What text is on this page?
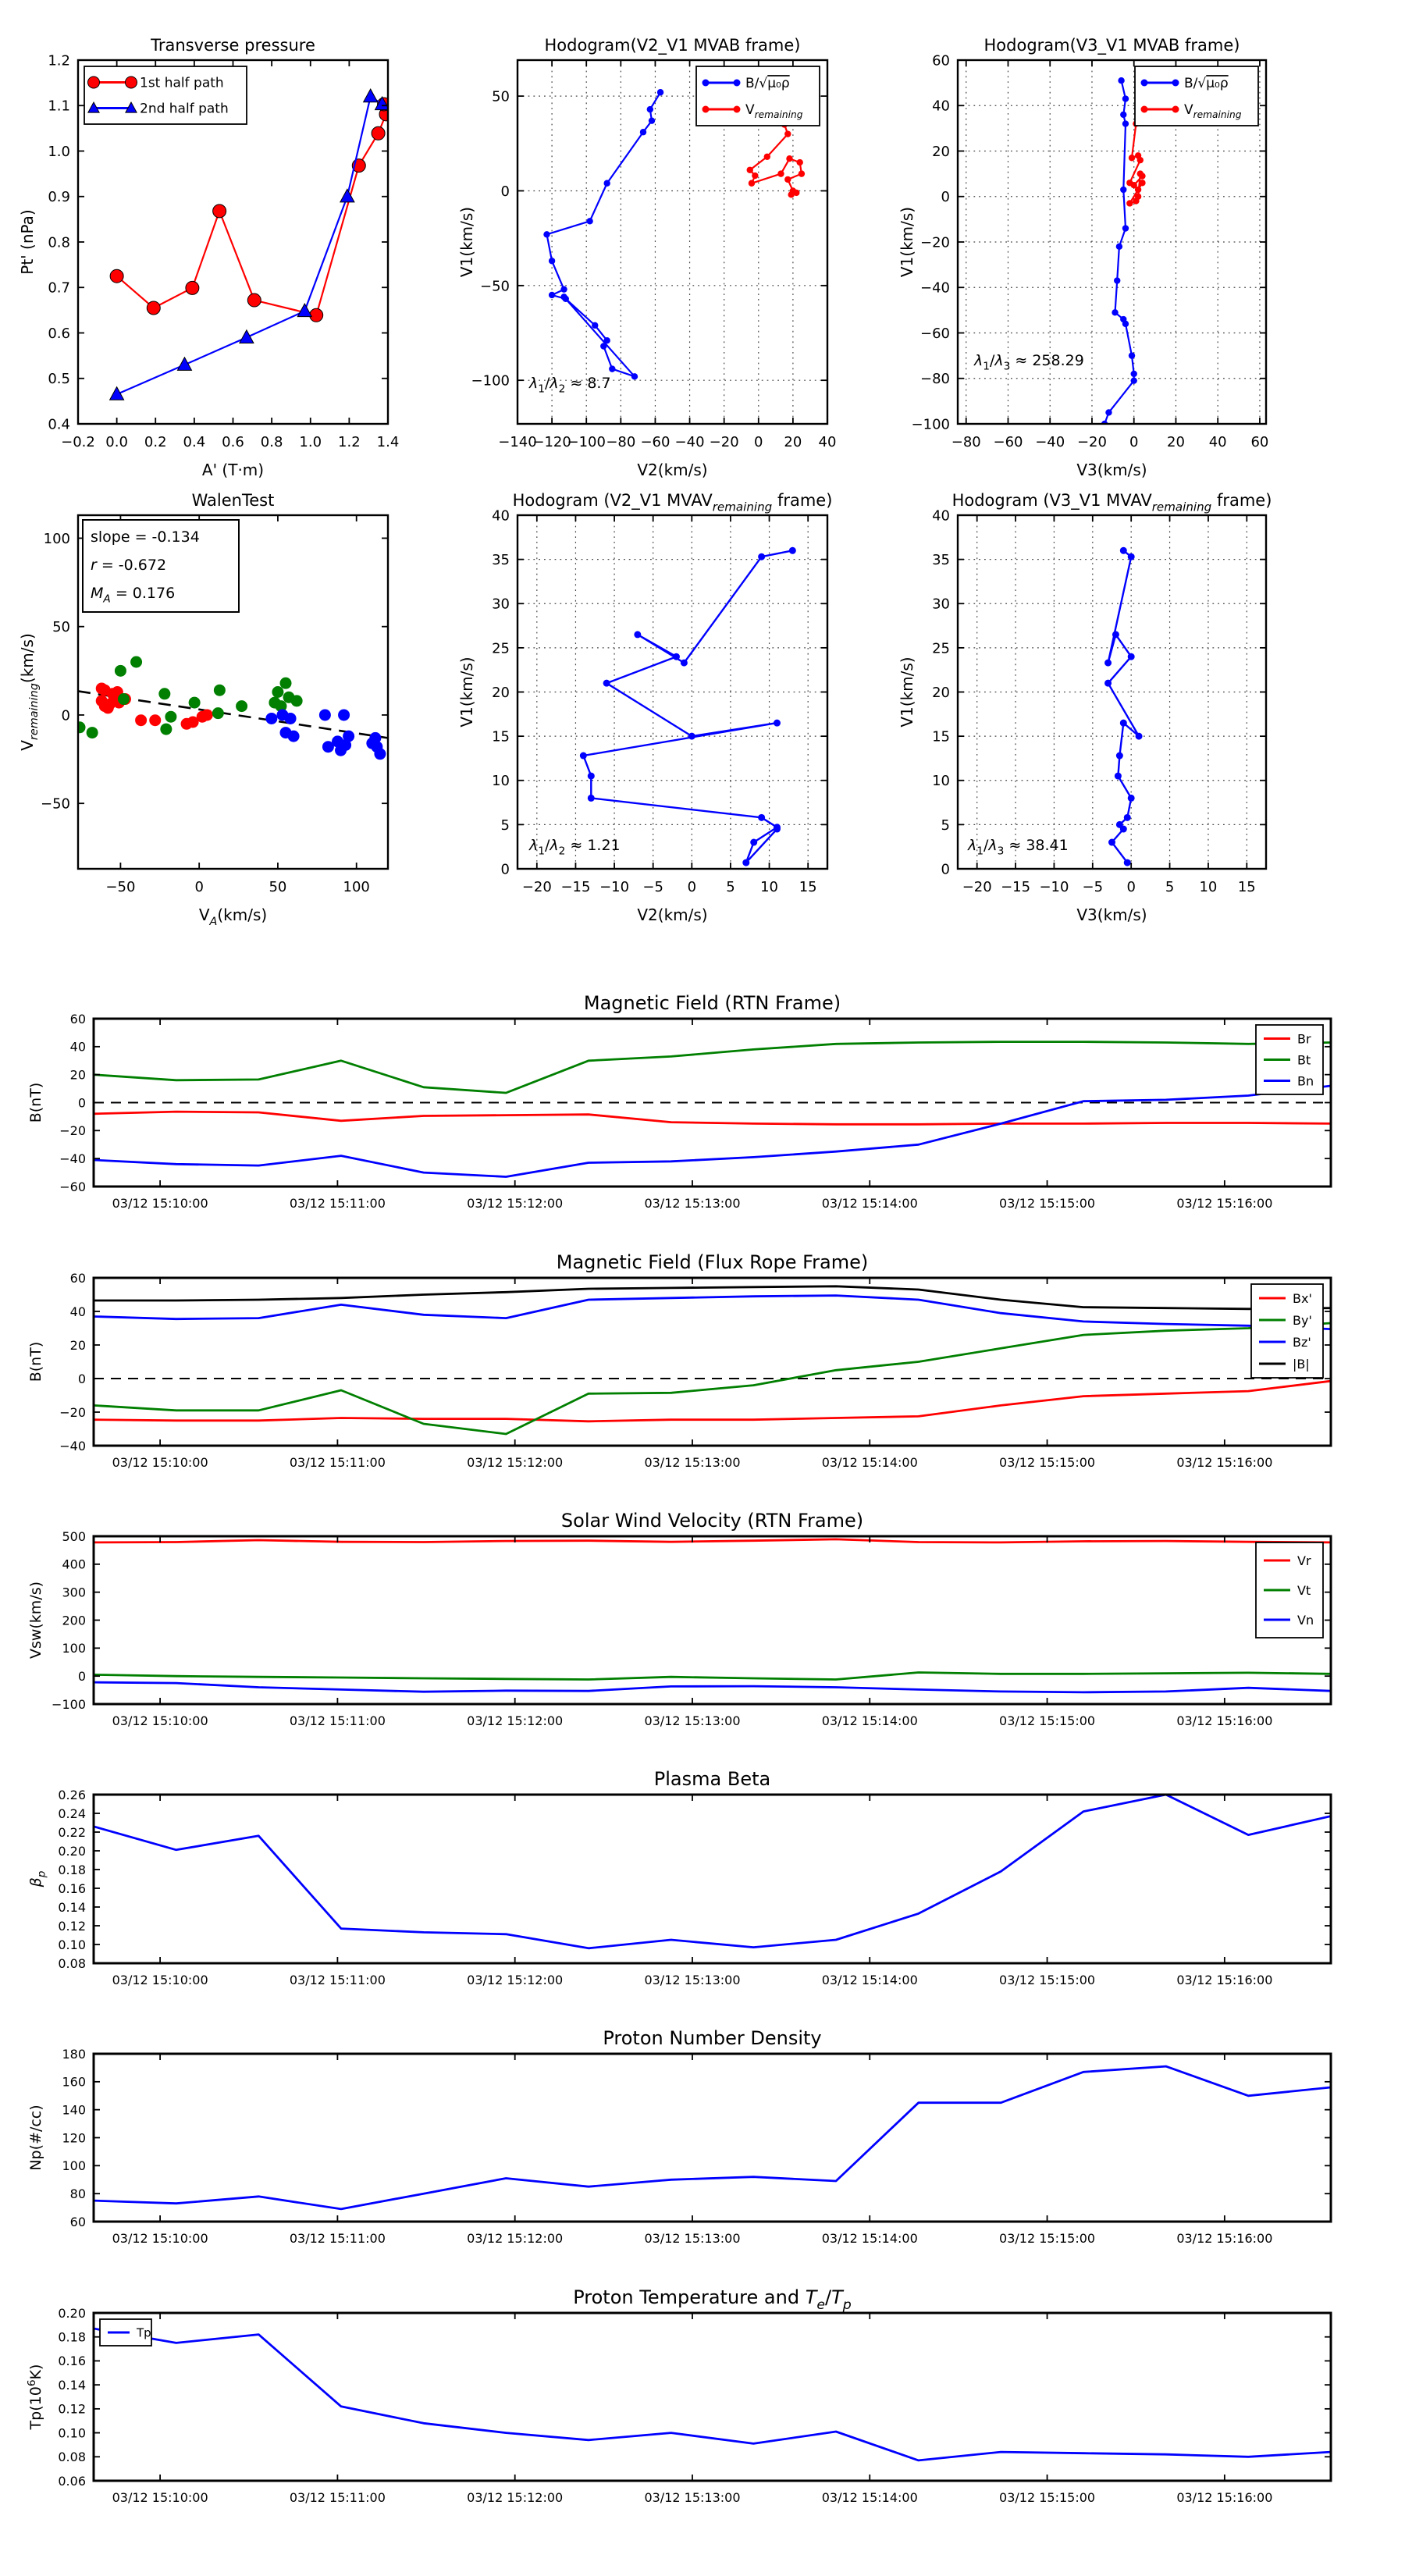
−0.2 0.0 0.2 0.4 0.6 0.8 1.0 1.2 1.4
0.4
0.5
0.6
0.7
0.8
0.9
1.0
1.1
1.2
Transverse pressure
A' (T·m)
Pt' (nPa)
1st half path
2nd half path
−140
−120
−100 −80 −60 −40 −20 0 20 40
−100
−50
0
50
Hodogram(V2_V1 MVAB frame)
V2(km/s)
V1(km/s)
B/√μ₀ρ
$V_{remaining}$
$\lambda_1/\lambda_2 \approx 8.7$
−80 −60 −40 −20 0 20 40 60
−100
−80
−60
−40
−20
0
20
40
60
Hodogram(V3_V1 MVAB frame)
V3(km/s)
V1(km/s)
B/√μ₀ρ
$V_{remaining}$
$\lambda_1/\lambda_3 \approx 258.29$
−50	0	50	100
−50
0
50
100
WalenTest
$V_A(km/s)$
$V_{remaining}(km/s)$
slope = -0.134
r = -0.672
$M_A = 0.176$
−20 −15 −10 −5 0 5 10 15
0
5
10
15
20
25
30
35
40
Hodogram (V2_V1 $MVAV_{remaining}$ frame)
V2(km/s)
V1(km/s)
$\lambda_1/\lambda_2 \approx 1.21$
−20 −15 −10 −5 0 5 10 15
0
5
10
15
20
25
30
35
40
Hodogram (V3_V1 $MVAV_{remaining}$ frame)
V3(km/s)
V1(km/s)
$\lambda_1/\lambda_3 \approx 38.41$
03/12 15:10:00	03/12 15:11:00	03/12 15:12:00	03/12 15:13:00	03/12 15:14:00	03/12 15:15:00	03/12 15:16:00
−60
−40
−20
0
20
40
60
Magnetic Field (RTN Frame)
B(nT)
Br
Bt
Bn
03/12 15:10:00	03/12 15:11:00	03/12 15:12:00	03/12 15:13:00	03/12 15:14:00	03/12 15:15:00	03/12 15:16:00
−40
−20
0
20
40
60
Magnetic Field (Flux Rope Frame)
B(nT)
Bx'
By'
Bz'
|B|
03/12 15:10:00	03/12 15:11:00	03/12 15:12:00	03/12 15:13:00	03/12 15:14:00	03/12 15:15:00	03/12 15:16:00
−100
0
100
200
300
400
500
Solar Wind Velocity (RTN Frame)
Vsw(km/s)
Vr
Vt
Vn
03/12 15:10:00	03/12 15:11:00	03/12 15:12:00	03/12 15:13:00	03/12 15:14:00	03/12 15:15:00	03/12 15:16:00
0.08
0.10
0.12
0.14
0.16
0.18
0.20
0.22
0.24
0.26
Plasma Beta
$\beta_p$
03/12 15:10:00	03/12 15:11:00	03/12 15:12:00	03/12 15:13:00	03/12 15:14:00	03/12 15:15:00	03/12 15:16:00
60
80
100
120
140
160
180
Proton Number Density
Np(#/cc)
03/12 15:10:00	03/12 15:11:00	03/12 15:12:00	03/12 15:13:00	03/12 15:14:00	03/12 15:15:00	03/12 15:16:00
0.06
0.08
0.10
0.12
0.14
0.16
0.18
0.20
Proton Temperature and $T_e/T_p$
$Tp(10^6K)$
Tp
